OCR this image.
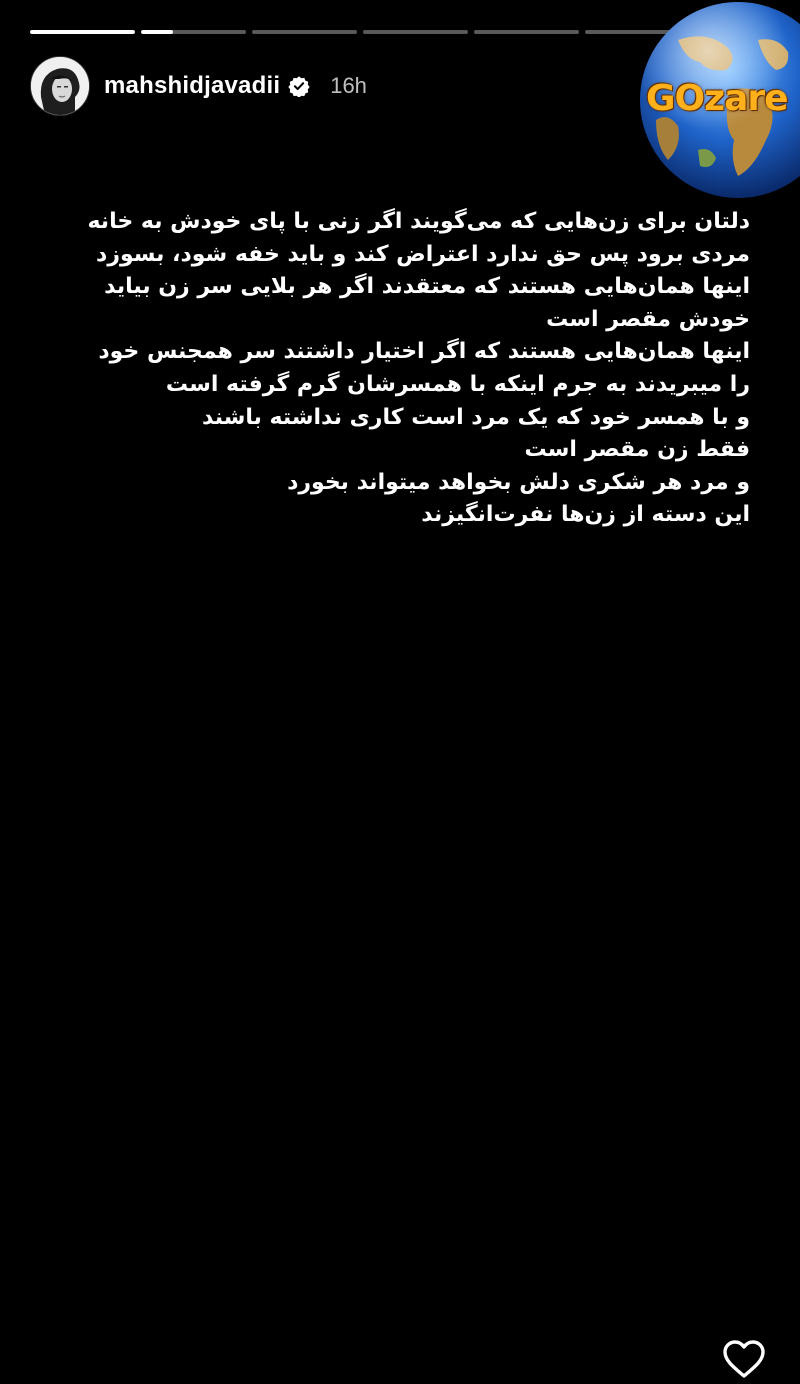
mahshidjavadii 16h	GOzare
دلتان برای زن‌هایی که می‌گویند اگر زنی با پای خودش به خانه
مردی برود پس حق ندارد اعتراض کند و باید خفه شود، بسوزد
اینها همان‌هایی هستند که معتقدند اگر هر بلایی سر زن بیاید
خودش مقصر است
اینها همان‌هایی هستند که اگر اختیار داشتند سر همجنس خود
را میبریدند به جرم اینکه با همسرشان گرم گرفته است
و با همسر خود که یک مرد است کاری نداشته باشند
فقط زن مقصر است
و مرد هر شکری دلش بخواهد میتواند بخورد
این دسته از زن‌ها نفرت‌انگیزند
